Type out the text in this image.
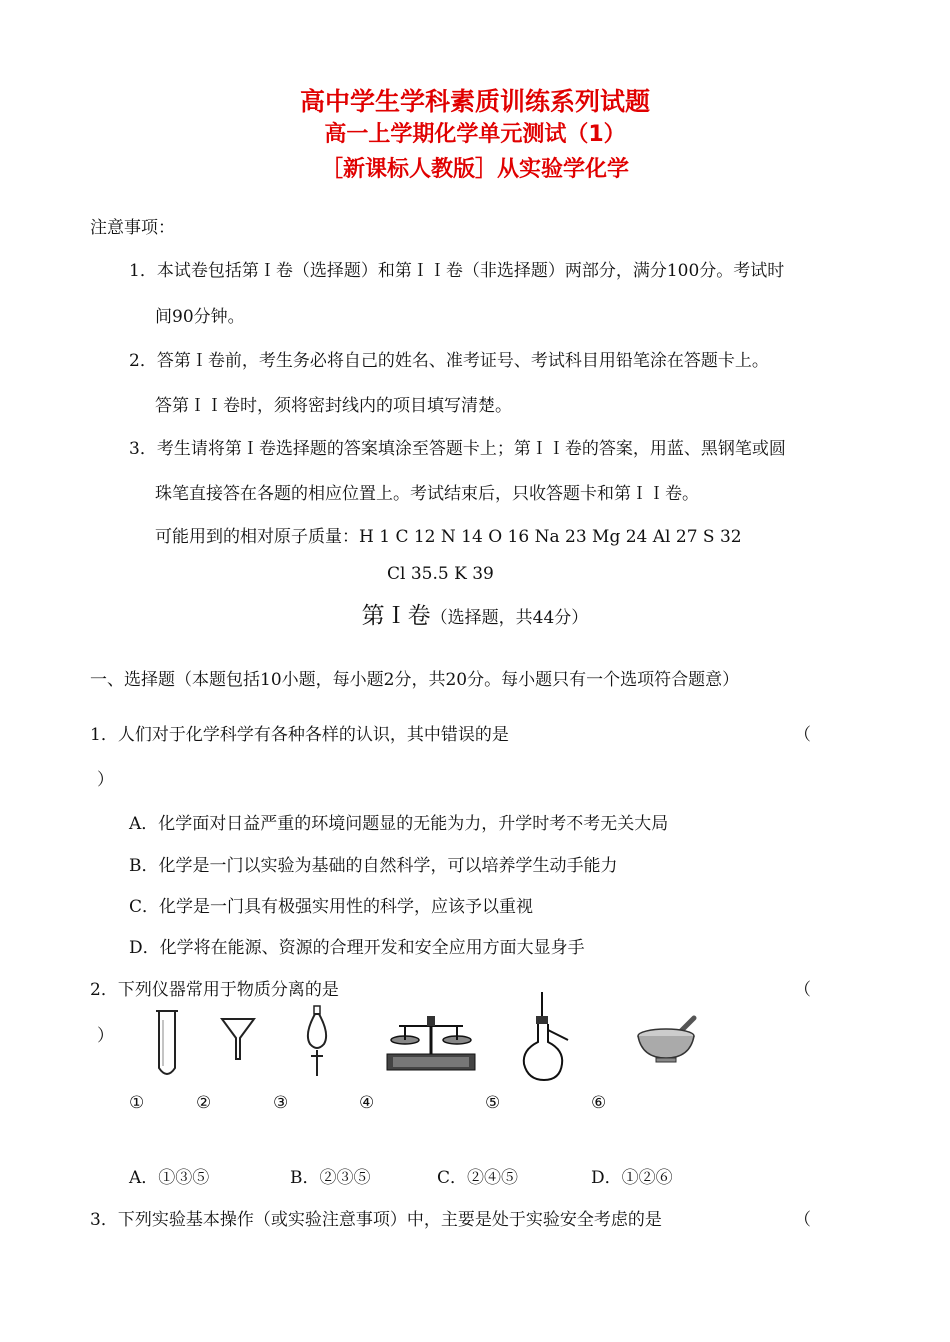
高中学生学科素质训练系列试题
高一上学期化学单元测试（1）
［新课标人教版］从实验学化学
注意事项：
1．本试卷包括第Ｉ卷（选择题）和第ＩＩ卷（非选择题）两部分，满分100分。考试时
间90分钟。
2．答第Ｉ卷前，考生务必将自己的姓名、准考证号、考试科目用铅笔涂在答题卡上。
答第ＩＩ卷时，须将密封线内的项目填写清楚。
3．考生请将第Ｉ卷选择题的答案填涂至答题卡上；第ＩＩ卷的答案，用蓝、黑钢笔或圆
珠笔直接答在各题的相应位置上。考试结束后，只收答题卡和第ＩＩ卷。
可能用到的相对原子质量：H 1 C 12 N 14 O 16 Na 23 Mg 24 Al 27 S 32
Cl 35.5 K 39
第Ｉ卷（选择题，共44分）
一、选择题（本题包括10小题，每小题2分，共20分。每小题只有一个选项符合题意）
1．人们对于化学科学有各种各样的认识，其中错误的是	（
）
A．化学面对日益严重的环境问题显的无能为力，升学时考不考无关大局
B．化学是一门以实验为基础的自然科学，可以培养学生动手能力
C．化学是一门具有极强实用性的科学，应该予以重视
D．化学将在能源、资源的合理开发和安全应用方面大显身手
2．下列仪器常用于物质分离的是	（
）
①	②	③	④	⑤	⑥
A．①③⑤	B．②③⑤	C．②④⑤	D．①②⑥
3．下列实验基本操作（或实验注意事项）中，主要是处于实验安全考虑的是	（
